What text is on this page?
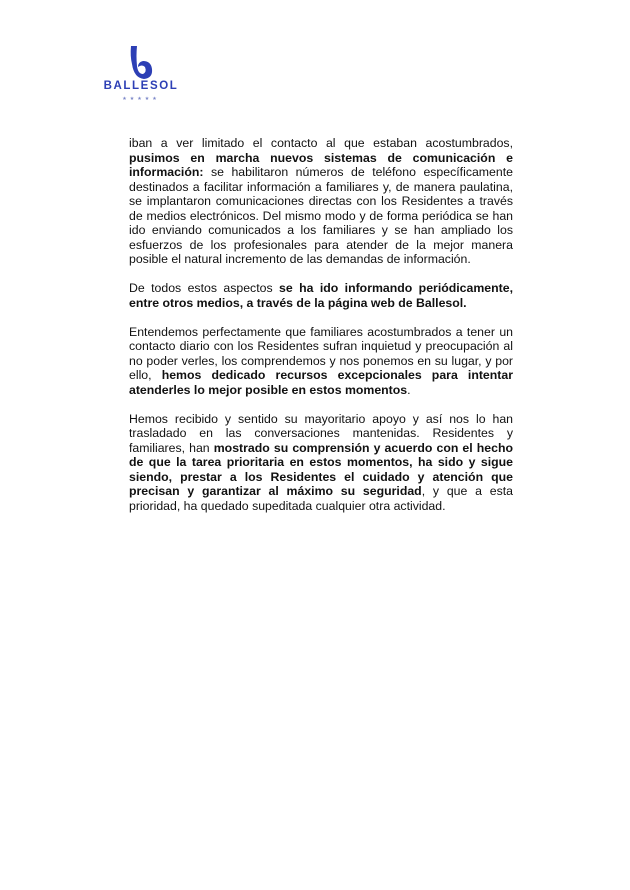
BALLESOL
★★★★★

iban a ver limitado el contacto al que estaban acostumbrados, pusimos en marcha nuevos sistemas de comunicación e información: se habilitaron números de teléfono específicamente destinados a facilitar información a familiares y, de manera paulatina, se implantaron comunicaciones directas con los Residentes a través de medios electrónicos. Del mismo modo y de forma periódica se han ido enviando comunicados a los familiares y se han ampliado los esfuerzos de los profesionales para atender de la mejor manera posible el natural incremento de las demandas de información.

De todos estos aspectos se ha ido informando periódicamente, entre otros medios, a través de la página web de Ballesol.

Entendemos perfectamente que familiares acostumbrados a tener un contacto diario con los Residentes sufran inquietud y preocupación al no poder verles, los comprendemos y nos ponemos en su lugar, y por ello, hemos dedicado recursos excepcionales para intentar atenderles lo mejor posible en estos momentos.

Hemos recibido y sentido su mayoritario apoyo y así nos lo han trasladado en las conversaciones mantenidas. Residentes y familiares, han mostrado su comprensión y acuerdo con el hecho de que la tarea prioritaria en estos momentos, ha sido y sigue siendo, prestar a los Residentes el cuidado y atención que precisan y garantizar al máximo su seguridad, y que a esta prioridad, ha quedado supeditada cualquier otra actividad.
